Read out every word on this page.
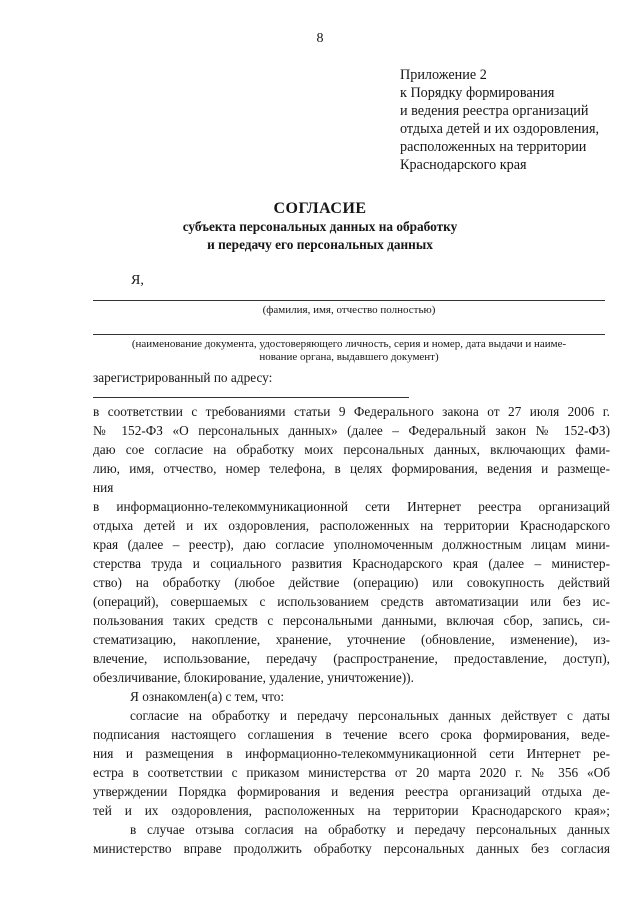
8
Приложение 2
к Порядку формирования
и ведения реестра организаций
отдыха детей и их оздоровления,
расположенных на территории
Краснодарского края
СОГЛАСИЕ
субъекта персональных данных на обработку
и передачу его персональных данных
Я,
(фамилия, имя, отчество полностью)
(наименование документа, удостоверяющего личность, серия и номер, дата выдачи и наиме-
нование органа, выдавшего документ)
зарегистрированный по адресу:
в соответствии с требованиями статьи 9 Федерального закона от 27 июля 2006 г.
№ 152-ФЗ «О персональных данных» (далее – Федеральный закон № 152-ФЗ)
даю сое согласие на обработку моих персональных данных, включающих фами-
лию, имя, отчество, номер телефона, в целях формирования, ведения и размеще-
ния
в информационно-телекоммуникационной сети Интернет реестра организаций
отдыха детей и их оздоровления, расположенных на территории Краснодарского
края (далее – реестр), даю согласие уполномоченным должностным лицам мини-
стерства труда и социального развития Краснодарского края (далее – министер-
ство) на обработку (любое действие (операцию) или совокупность действий
(операций), совершаемых с использованием средств автоматизации или без ис-
пользования таких средств с персональными данными, включая сбор, запись, си-
стематизацию, накопление, хранение, уточнение (обновление, изменение), из-
влечение, использование, передачу (распространение, предоставление, доступ),
обезличивание, блокирование, удаление, уничтожение)).
Я ознакомлен(а) с тем, что:
согласие на обработку и передачу персональных данных действует с даты
подписания настоящего соглашения в течение всего срока формирования, веде-
ния и размещения в информационно-телекоммуникационной сети Интернет ре-
естра в соответствии с приказом министерства от 20 марта 2020 г. № 356 «Об
утверждении Порядка формирования и ведения реестра организаций отдыха де-
тей и их оздоровления, расположенных на территории Краснодарского края»;
в случае отзыва согласия на обработку и передачу персональных данных
министерство вправе продолжить обработку персональных данных без согласия
